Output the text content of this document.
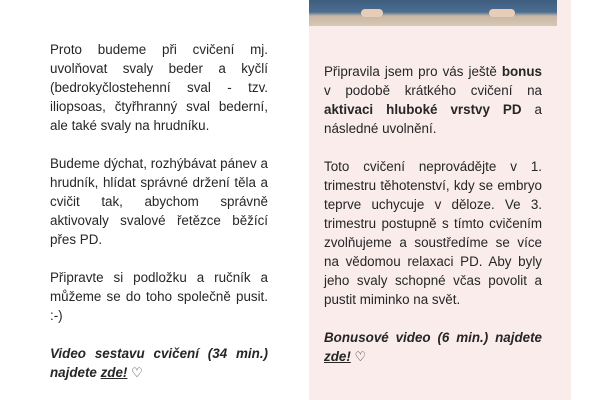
Proto budeme při cvičení mj. uvolňovat svaly beder a kyčlí (bedrokyčlostehenní sval - tzv. iliopsoas, čtyřhranný sval bederní, ale také svaly na hrudníku.

Budeme dýchat, rozhýbávat pánev a hrudník, hlídat správné držení těla a cvičit tak, abychom správně aktivovaly svalové řetězce běžící přes PD.

Připravte si podložku a ručník a můžeme se do toho společně pusit. :-)

Video sestavu cvičení (34 min.) najdete zde! ♡

Připravila jsem pro vás ještě bonus v podobě krátkého cvičení na aktivaci hluboké vrstvy PD a následné uvolnění.

Toto cvičení neprovádějte v 1. trimestru těhotenství, kdy se embryo teprve uchycuje v děloze. Ve 3. trimestru postupně s tímto cvičením zvolňujeme a soustředíme se více na vědomou relaxaci PD. Aby byly jeho svaly schopné včas povolit a pustit miminko na svět.

Bonusové video (6 min.) najdete zde! ♡
